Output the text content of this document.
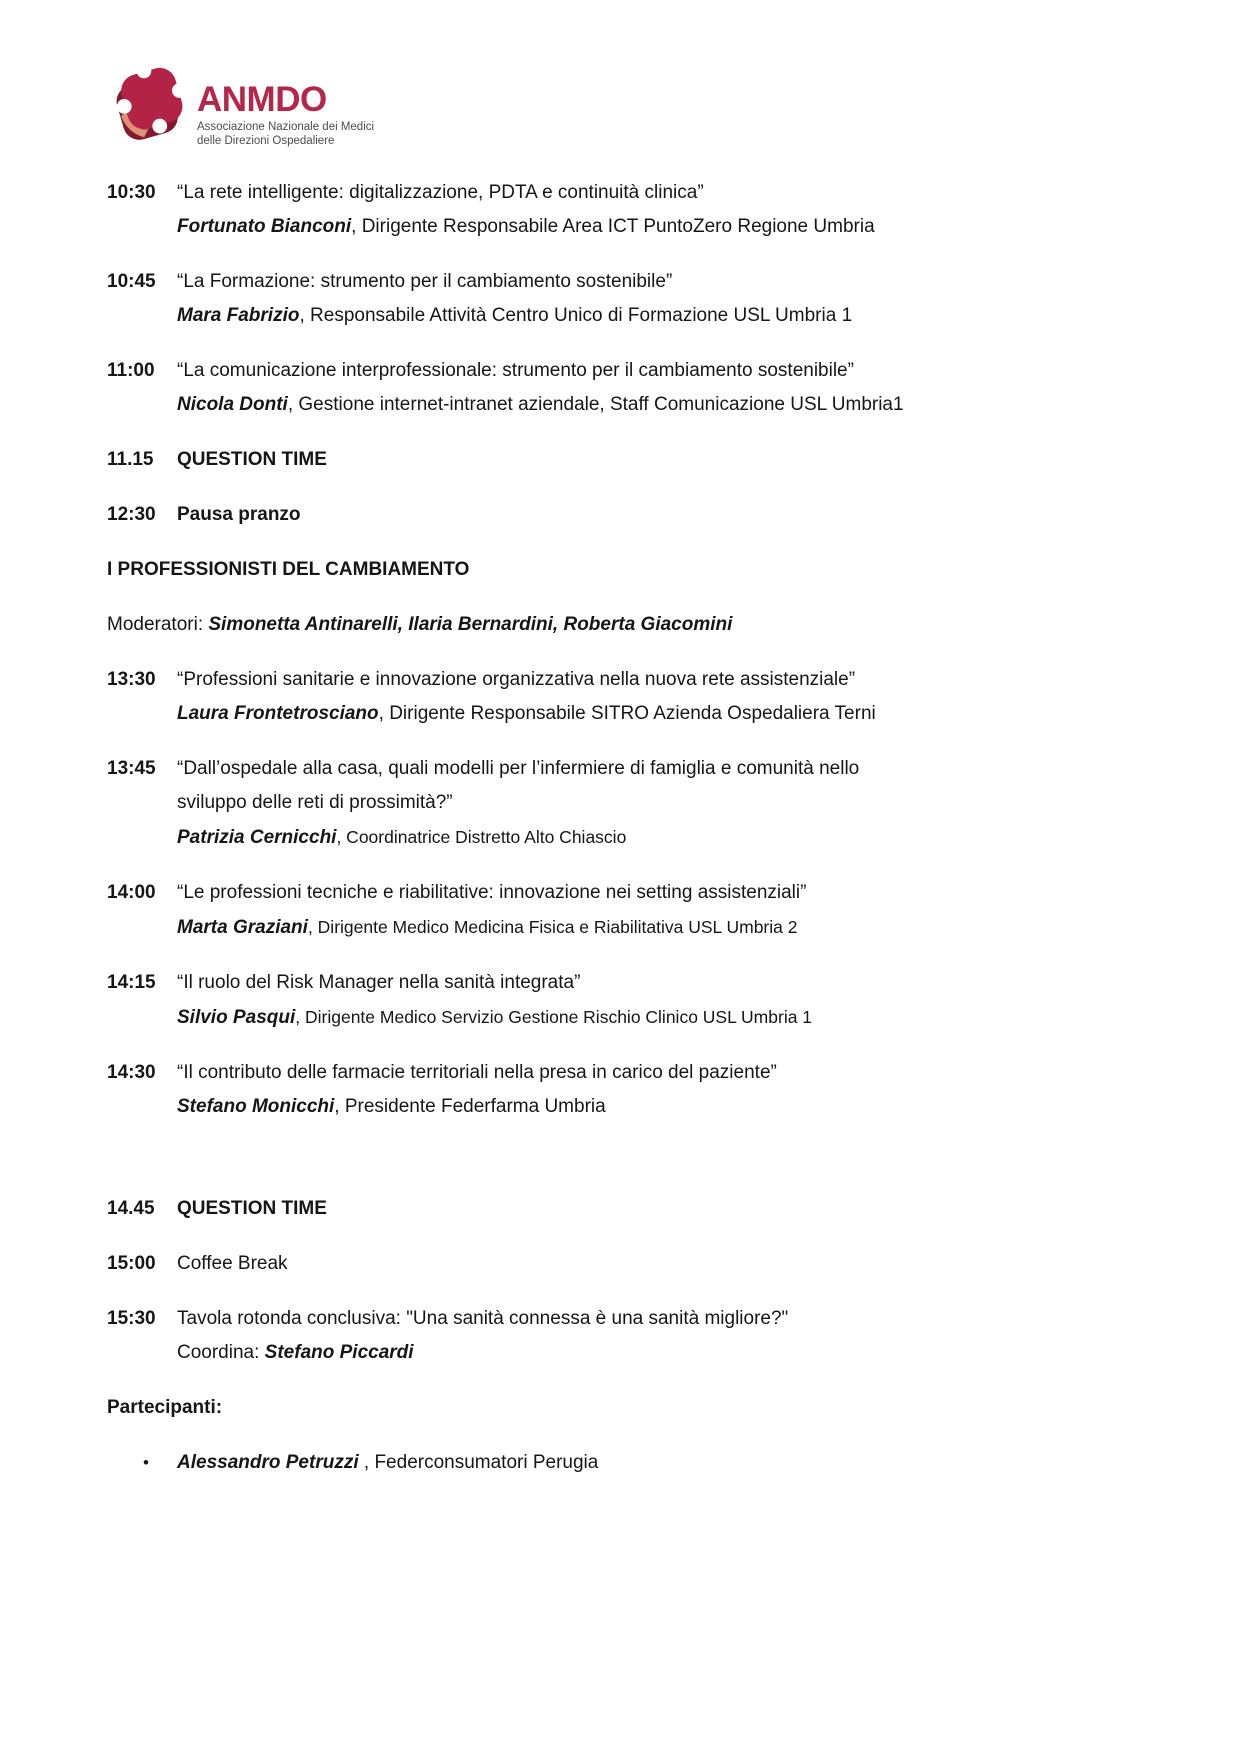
ANMDO
Associazione Nazionale dei Medici
delle Direzioni Ospedaliere
10:30	“La rete intelligente: digitalizzazione, PDTA e continuità clinica”
Fortunato Bianconi, Dirigente Responsabile Area ICT PuntoZero Regione Umbria
10:45	“La Formazione: strumento per il cambiamento sostenibile”
Mara Fabrizio, Responsabile Attività Centro Unico di Formazione USL Umbria 1
11:00	“La comunicazione interprofessionale: strumento per il cambiamento sostenibile”
Nicola Donti, Gestione internet-intranet aziendale, Staff Comunicazione USL Umbria1
11.15	QUESTION TIME
12:30	Pausa pranzo
I PROFESSIONISTI DEL CAMBIAMENTO
Moderatori: Simonetta Antinarelli, Ilaria Bernardini, Roberta Giacomini
13:30	“Professioni sanitarie e innovazione organizzativa nella nuova rete assistenziale”
Laura Frontetrosciano, Dirigente Responsabile SITRO Azienda Ospedaliera Terni
13:45	“Dall’ospedale alla casa, quali modelli per l’infermiere di famiglia e comunità nello
sviluppo delle reti di prossimità?”
Patrizia Cernicchi, Coordinatrice Distretto Alto Chiascio
14:00	“Le professioni tecniche e riabilitative: innovazione nei setting assistenziali”
Marta Graziani, Dirigente Medico Medicina Fisica e Riabilitativa USL Umbria 2
14:15	“Il ruolo del Risk Manager nella sanità integrata”
Silvio Pasqui, Dirigente Medico Servizio Gestione Rischio Clinico USL Umbria 1
14:30	“Il contributo delle farmacie territoriali nella presa in carico del paziente”
Stefano Monicchi, Presidente Federfarma Umbria
14.45	QUESTION TIME
15:00	Coffee Break
15:30	Tavola rotonda conclusiva: "Una sanità connessa è una sanità migliore?"
Coordina: Stefano Piccardi
Partecipanti:
•	Alessandro Petruzzi , Federconsumatori Perugia
